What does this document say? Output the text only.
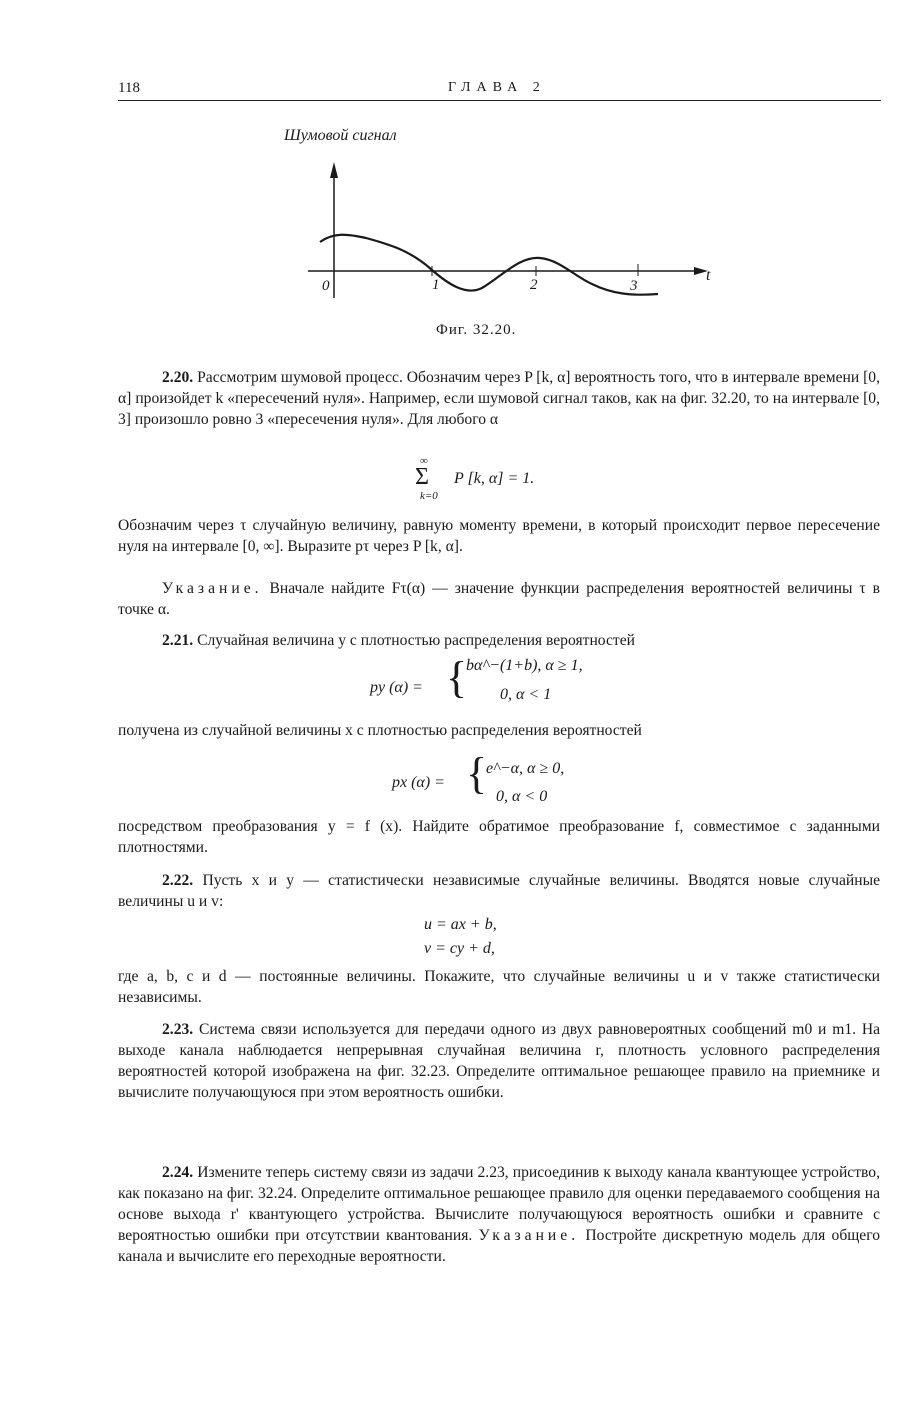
118	ГЛАВА 2
Шумовой сигнал
t
0	1	2	3
Фиг. 32.20.
2.20. Рассмотрим шумовой процесс. Обозначим через P [k, α] вероятность того, что в интервале времени [0, α] произойдет k «пересечений нуля». Например, если шумовой сигнал таков, как на фиг. 32.20, то на интервале [0, 3] произошло ровно 3 «пересечения нуля». Для любого α
∞
Σ P [k, α] = 1.
k=0
Обозначим через τ случайную величину, равную моменту времени, в который происходит первое пересечение нуля на интервале [0, ∞]. Выразите pτ через P [k, α].
Указание. Вначале найдите Fτ(α) — значение функции распределения вероятностей величины τ в точке α.
2.21. Случайная величина y с плотностью распределения вероятностей
py (α) = {
bα^−(1+b), α ≥ 1,
0, α < 1
получена из случайной величины x с плотностью распределения вероятностей
px (α) = {
e^−α, α ≥ 0,
0, α < 0
посредством преобразования y = f (x). Найдите обратимое преобразование f, совместимое с заданными плотностями.
2.22. Пусть x и y — статистически независимые случайные величины. Вводятся новые случайные величины u и v:
u = ax + b,
v = cy + d,
где a, b, c и d — постоянные величины. Покажите, что случайные величины u и v также статистически независимы.
2.23. Система связи используется для передачи одного из двух равновероятных сообщений m0 и m1. На выходе канала наблюдается непрерывная случайная величина r, плотность условного распределения вероятностей которой изображена на фиг. 32.23. Определите оптимальное решающее правило на приемнике и вычислите получающуюся при этом вероятность ошибки.
2.24. Измените теперь систему связи из задачи 2.23, присоединив к выходу канала квантующее устройство, как показано на фиг. 32.24. Определите оптимальное решающее правило для оценки передаваемого сообщения на основе выхода r' квантующего устройства. Вычислите получающуюся вероятность ошибки и сравните с вероятностью ошибки при отсутствии квантования. Указание. Постройте дискретную модель для общего канала и вычислите его переходные вероятности.
